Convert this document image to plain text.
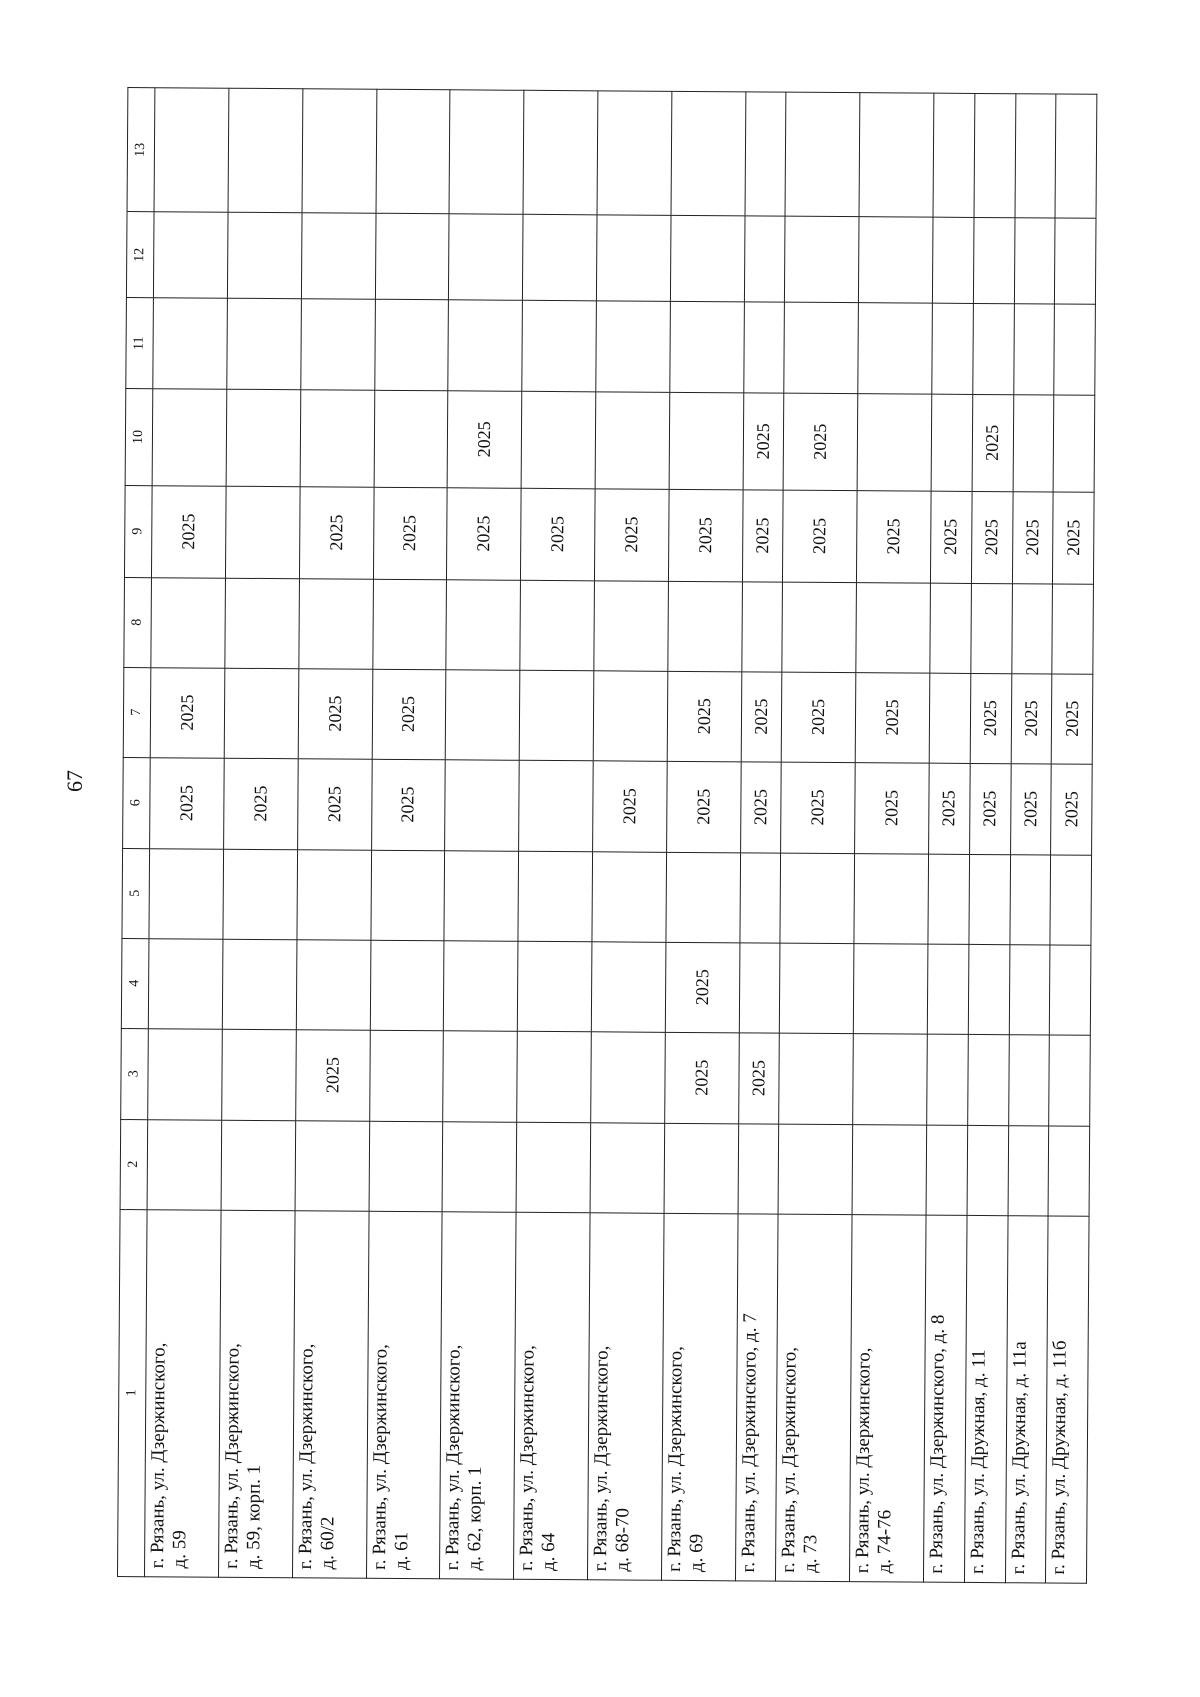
67
1	2	3	4	5	6	7	8	9	10	11	12	13
г. Рязань, ул. Дзержинского,
д. 59					2025	2025		2025				
г. Рязань, ул. Дзержинского,
д. 59, корп. 1					2025							
г. Рязань, ул. Дзержинского,
д. 60/2		2025			2025	2025		2025				
г. Рязань, ул. Дзержинского,
д. 61					2025	2025		2025				
г. Рязань, ул. Дзержинского,
д. 62, корп. 1								2025	2025			
г. Рязань, ул. Дзержинского,
д. 64								2025				
г. Рязань, ул. Дзержинского,
д. 68-70					2025			2025				
г. Рязань, ул. Дзержинского,
д. 69		2025	2025		2025	2025		2025				
г. Рязань, ул. Дзержинского, д. 7		2025			2025	2025		2025	2025			
г. Рязань, ул. Дзержинского,
д. 73					2025	2025		2025	2025			
г. Рязань, ул. Дзержинского,
д. 74-76					2025	2025		2025				
г. Рязань, ул. Дзержинского, д. 8					2025			2025				
г. Рязань, ул. Дружная, д. 11					2025	2025		2025	2025			
г. Рязань, ул. Дружная, д. 11а					2025	2025		2025				
г. Рязань, ул. Дружная, д. 11б					2025	2025		2025				
